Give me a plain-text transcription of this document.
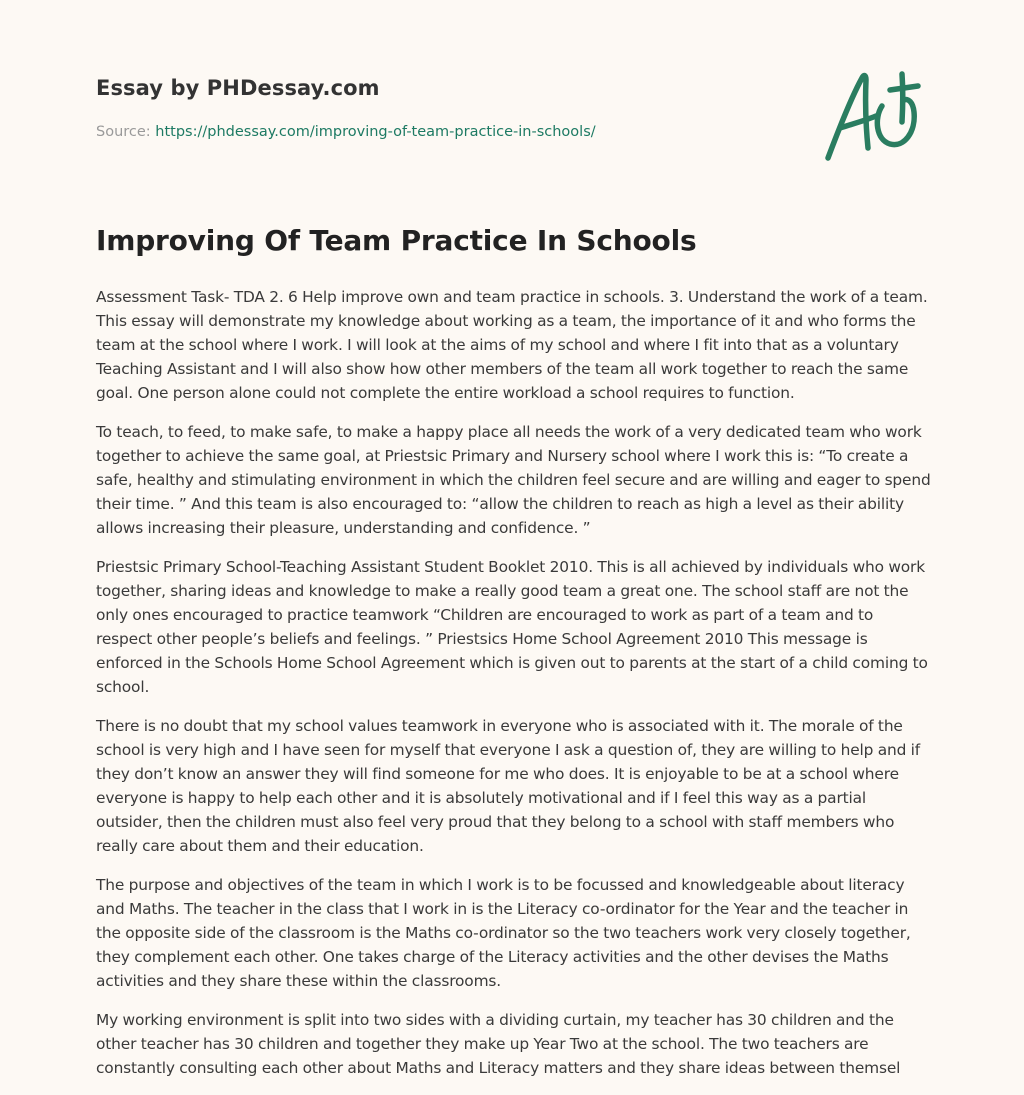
Essay by PHDessay.com

Source: https://phdessay.com/improving-of-team-practice-in-schools/

Improving Of Team Practice In Schools

Assessment Task- TDA 2. 6 Help improve own and team practice in schools. 3. Understand the work of a team. This essay will demonstrate my knowledge about working as a team, the importance of it and who forms the team at the school where I work. I will look at the aims of my school and where I fit into that as a voluntary Teaching Assistant and I will also show how other members of the team all work together to reach the same goal. One person alone could not complete the entire workload a school requires to function.

To teach, to feed, to make safe, to make a happy place all needs the work of a very dedicated team who work together to achieve the same goal, at Priestsic Primary and Nursery school where I work this is: “To create a safe, healthy and stimulating environment in which the children feel secure and are willing and eager to spend their time. ” And this team is also encouraged to: “allow the children to reach as high a level as their ability allows increasing their pleasure, understanding and confidence. ”

Priestsic Primary School-Teaching Assistant Student Booklet 2010. This is all achieved by individuals who work together, sharing ideas and knowledge to make a really good team a great one. The school staff are not the only ones encouraged to practice teamwork “Children are encouraged to work as part of a team and to respect other people’s beliefs and feelings. ” Priestsics Home School Agreement 2010 This message is enforced in the Schools Home School Agreement which is given out to parents at the start of a child coming to school.

There is no doubt that my school values teamwork in everyone who is associated with it. The morale of the school is very high and I have seen for myself that everyone I ask a question of, they are willing to help and if they don’t know an answer they will find someone for me who does. It is enjoyable to be at a school where everyone is happy to help each other and it is absolutely motivational and if I feel this way as a partial outsider, then the children must also feel very proud that they belong to a school with staff members who really care about them and their education.

The purpose and objectives of the team in which I work is to be focussed and knowledgeable about literacy and Maths. The teacher in the class that I work in is the Literacy co-ordinator for the Year and the teacher in the opposite side of the classroom is the Maths co-ordinator so the two teachers work very closely together, they complement each other. One takes charge of the Literacy activities and the other devises the Maths activities and they share these within the classrooms.

My working environment is split into two sides with a dividing curtain, my teacher has 30 children and the other teacher has 30 children and together they make up Year Two at the school. The two teachers are constantly consulting each other about Maths and Literacy matters and they share ideas between themsel
